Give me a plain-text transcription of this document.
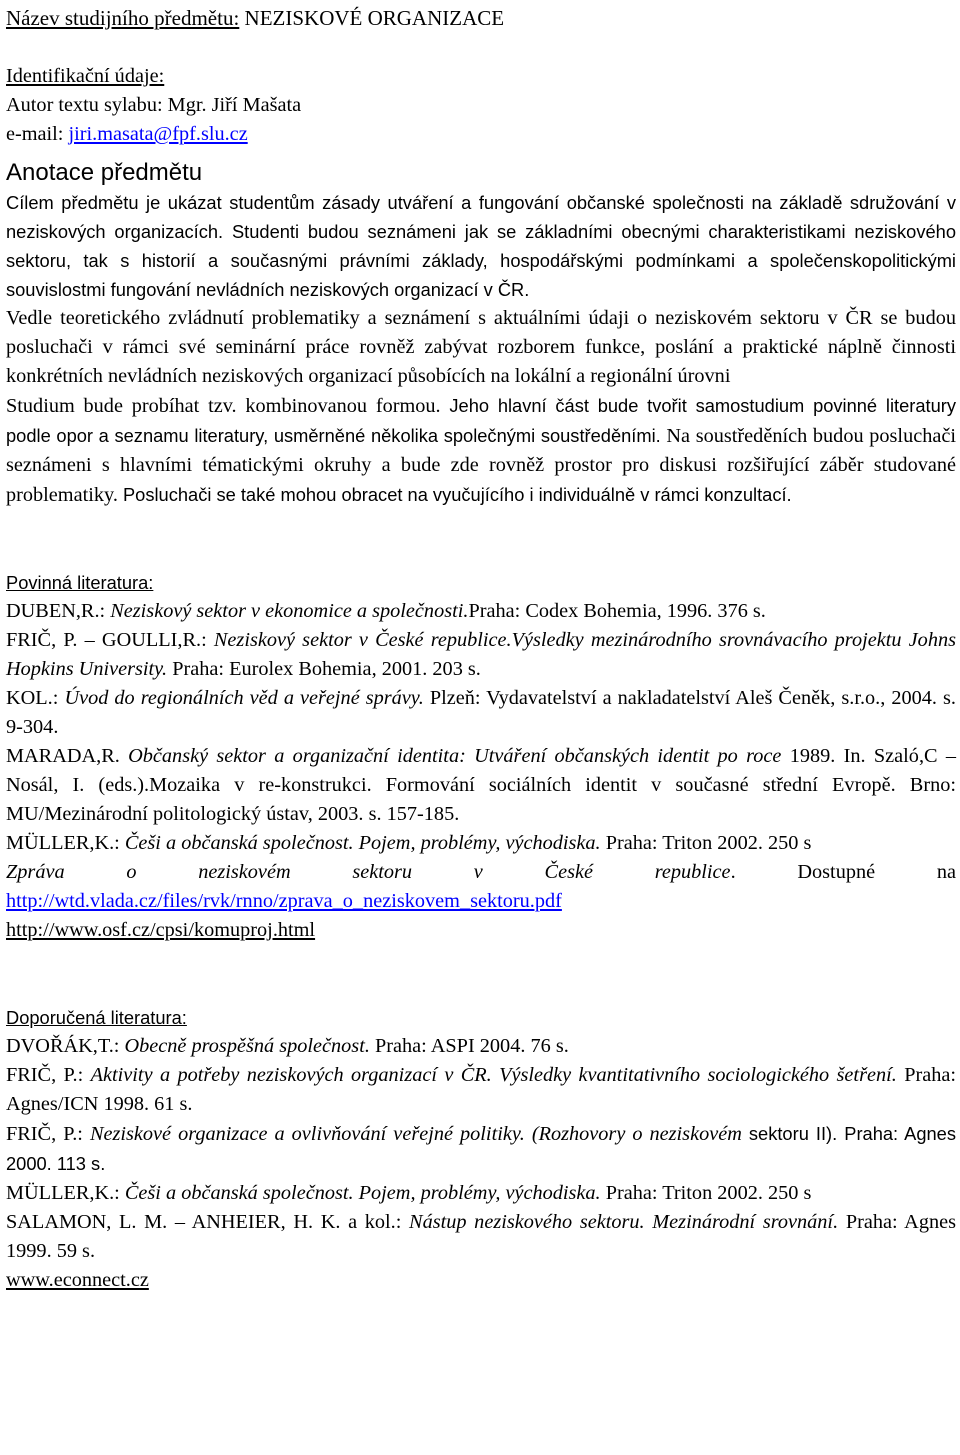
Název studijního předmětu: NEZISKOVÉ ORGANIZACE
Identifikační údaje:
Autor textu sylabu: Mgr. Jiří Mašata
e-mail: jiri.masata@fpf.slu.cz
Anotace předmětu
Cílem předmětu je ukázat studentům zásady utváření a fungování občanské společnosti na základě sdružování v neziskových organizacích. Studenti budou seznámeni jak se základními obecnými charakteristikami neziskového sektoru, tak s historií a současnými právními základy, hospodářskými podmínkami a společenskopolitickými souvislostmi fungování nevládních neziskových organizací v ČR.
Vedle teoretického zvládnutí problematiky a seznámení s aktuálními údaji o neziskovém sektoru v ČR se budou posluchači v rámci své seminární práce rovněž zabývat rozborem funkce, poslání a praktické náplně činnosti konkrétních nevládních neziskových organizací působících na lokální a regionální úrovni
Studium bude probíhat tzv. kombinovanou formou. Jeho hlavní část bude tvořit samostudium povinné literatury podle opor a seznamu literatury, usměrněné několika společnými soustředěními. Na soustředěních budou posluchači seznámeni s hlavními tématickými okruhy a bude zde rovněž prostor pro diskusi rozšiřující záběr studované problematiky. Posluchači se také mohou obracet na vyučujícího i individuálně v rámci konzultací.
Povinná literatura:
DUBEN,R.: Neziskový sektor v ekonomice a společnosti.Praha: Codex Bohemia, 1996. 376 s.
FRIČ, P. – GOULLI,R.: Neziskový sektor v České republice.Výsledky mezinárodního srovnávacího projektu Johns Hopkins University. Praha: Eurolex Bohemia, 2001. 203 s.
KOL.: Úvod do regionálních věd a veřejné správy. Plzeň: Vydavatelství a nakladatelství Aleš Čeněk, s.r.o., 2004. s. 9-304.
MARADA,R. Občanský sektor a organizační identita: Utváření občanských identit po roce 1989. In. Szaló,C – Nosál, I. (eds.).Mozaika v re-konstrukci. Formování sociálních identit v současné střední Evropě. Brno: MU/Mezinárodní politologický ústav, 2003. s. 157-185.
MÜLLER,K.: Češi a občanská společnost. Pojem, problémy, východiska. Praha: Triton 2002. 250 s
Zpráva o neziskovém sektoru v České republice. Dostupné na
http://wtd.vlada.cz/files/rvk/rnno/zprava_o_neziskovem_sektoru.pdf
http://www.osf.cz/cpsi/komuproj.html
Doporučená literatura:
DVOŘÁK,T.: Obecně prospěšná společnost. Praha: ASPI 2004. 76 s.
FRIČ, P.: Aktivity a potřeby neziskových organizací v ČR. Výsledky kvantitativního sociologického šetření. Praha: Agnes/ICN 1998. 61 s.
FRIČ, P.: Neziskové organizace a ovlivňování veřejné politiky. (Rozhovory o neziskovém sektoru II). Praha: Agnes 2000. 113 s.
MÜLLER,K.: Češi a občanská společnost. Pojem, problémy, východiska. Praha: Triton 2002. 250 s
SALAMON, L. M. – ANHEIER, H. K. a kol.: Nástup neziskového sektoru. Mezinárodní srovnání. Praha: Agnes 1999. 59 s.
www.econnect.cz
